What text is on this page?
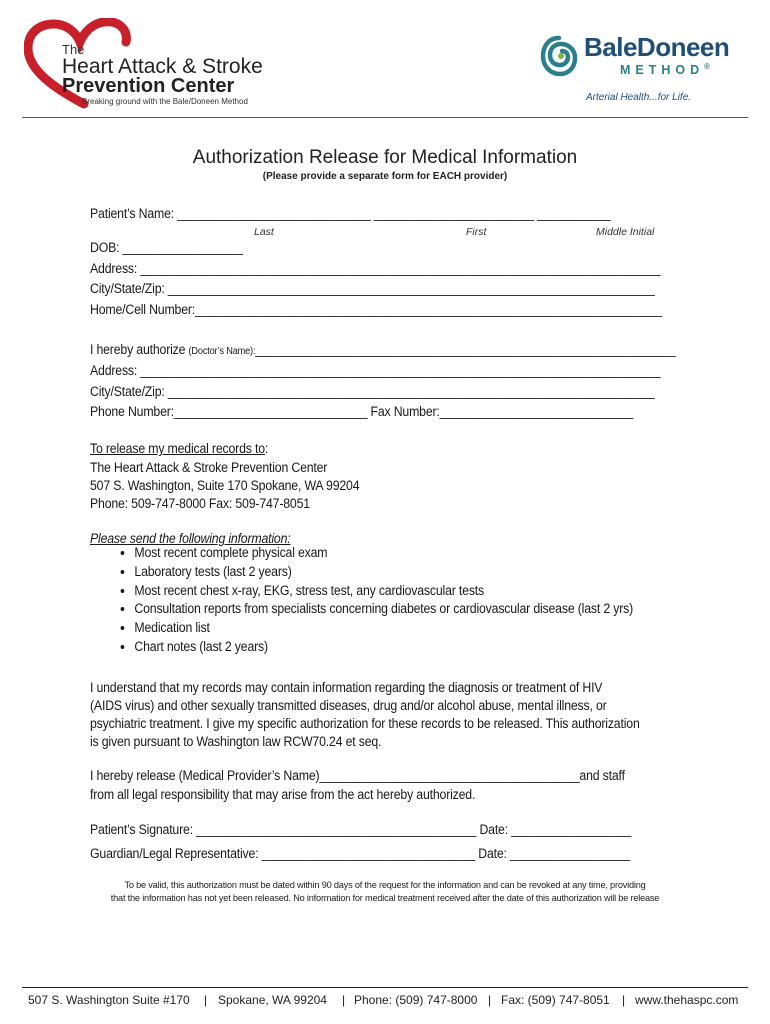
The
Heart Attack & Stroke
Prevention Center
Breaking ground with the Bale/Doneen Method
BaleDoneen
METHOD®
Arterial Health...for Life.
Authorization Release for Medical Information
(Please provide a separate form for EACH provider)
Patient’s Name: _____________________________ ________________________ ___________
Last	First	Middle Initial
DOB: __________________
Address: ______________________________________________________________________________
City/State/Zip: _________________________________________________________________________
Home/Cell Number:______________________________________________________________________
I hereby authorize (Doctor’s Name):_______________________________________________________________
Address: ______________________________________________________________________________
City/State/Zip: _________________________________________________________________________
Phone Number:_____________________________ Fax Number:_____________________________
To release my medical records to:
The Heart Attack & Stroke Prevention Center
507 S. Washington, Suite 170 Spokane, WA 99204
Phone: 509-747-8000 Fax: 509-747-8051
Please send the following information:
• Most recent complete physical exam
• Laboratory tests (last 2 years)
• Most recent chest x-ray, EKG, stress test, any cardiovascular tests
• Consultation reports from specialists concerning diabetes or cardiovascular disease (last 2 yrs)
• Medication list
• Chart notes (last 2 years)
I understand that my records may contain information regarding the diagnosis or treatment of HIV
(AIDS virus) and other sexually transmitted diseases, drug and/or alcohol abuse, mental illness, or
psychiatric treatment. I give my specific authorization for these records to be released. This authorization
is given pursuant to Washington law RCW70.24 et seq.
I hereby release (Medical Provider’s Name)_______________________________________and staff
from all legal responsibility that may arise from the act hereby authorized.
Patient’s Signature: __________________________________________ Date: __________________
Guardian/Legal Representative: ________________________________ Date: __________________
To be valid, this authorization must be dated within 90 days of the request for the information and can be revoked at any time, providing
that the information has not yet been released. No information for medical treatment received after the date of this authorization will be release
507 S. Washington Suite #170 | Spokane, WA 99204 | Phone: (509) 747-8000 | Fax: (509) 747-8051 | www.thehaspc.com
